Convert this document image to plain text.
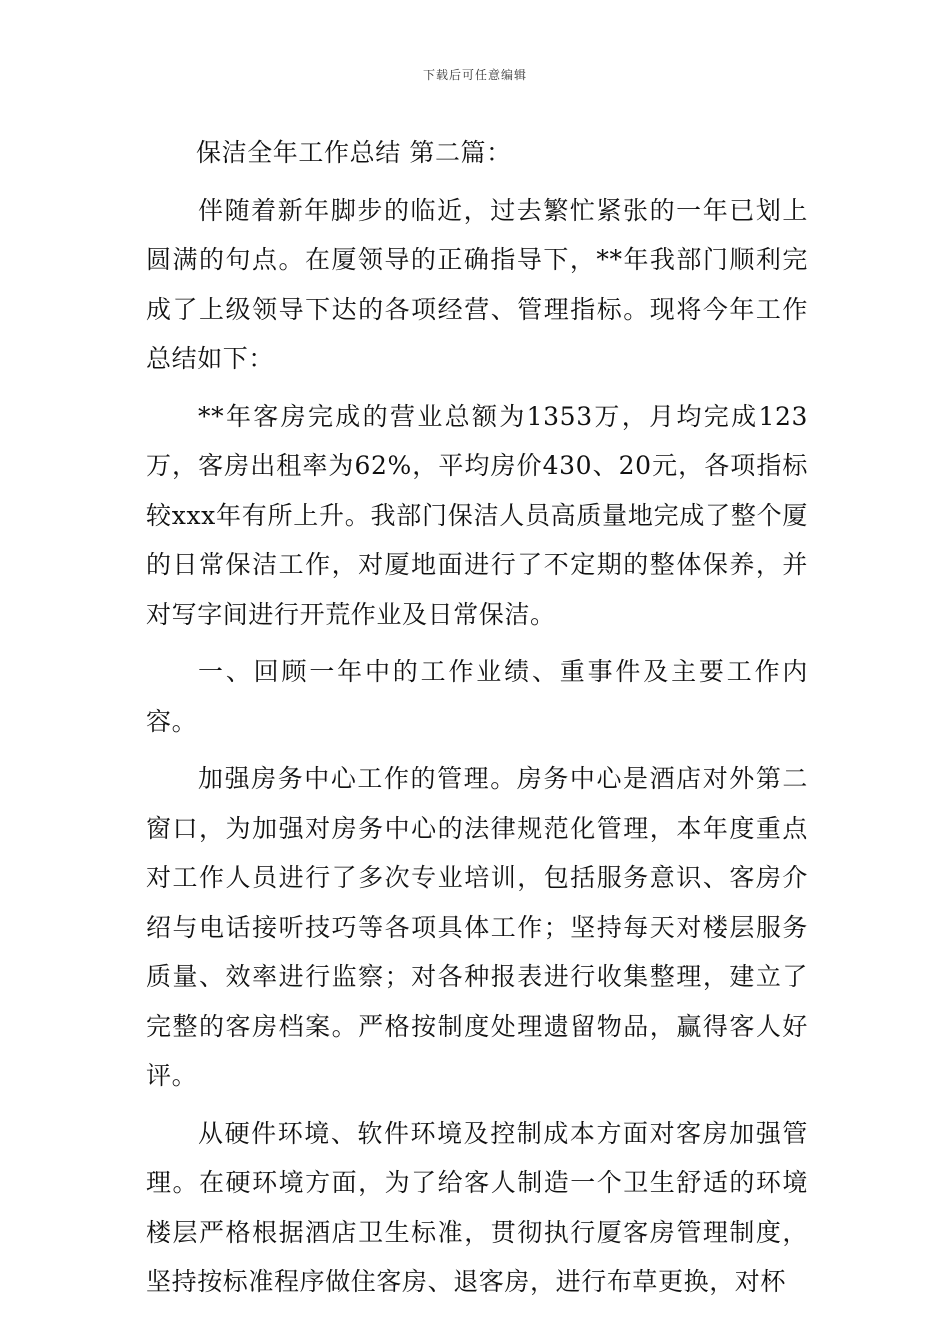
下载后可任意编辑

保洁全年工作总结 第二篇：

伴随着新年脚步的临近，过去繁忙紧张的一年已划上圆满的句点。在厦领导的正确指导下，**年我部门顺利完成了上级领导下达的各项经营、管理指标。现将今年工作总结如下：

**年客房完成的营业总额为1353万，月均完成123万，客房出租率为62%，平均房价430、20元，各项指标较xxx年有所上升。我部门保洁人员高质量地完成了整个厦的日常保洁工作，对厦地面进行了不定期的整体保养，并对写字间进行开荒作业及日常保洁。

一、回顾一年中的工作业绩、重事件及主要工作内容。

加强房务中心工作的管理。房务中心是酒店对外第二窗口，为加强对房务中心的法律规范化管理，本年度重点对工作人员进行了多次专业培训，包括服务意识、客房介绍与电话接听技巧等各项具体工作；坚持每天对楼层服务质量、效率进行监察；对各种报表进行收集整理，建立了完整的客房档案。严格按制度处理遗留物品，赢得客人好评。

从硬件环境、软件环境及控制成本方面对客房加强管理。在硬环境方面，为了给客人制造一个卫生舒适的环境楼层严格根据酒店卫生标准，贯彻执行厦客房管理制度，坚持按标准程序做住客房、退客房，进行布草更换，对杯
